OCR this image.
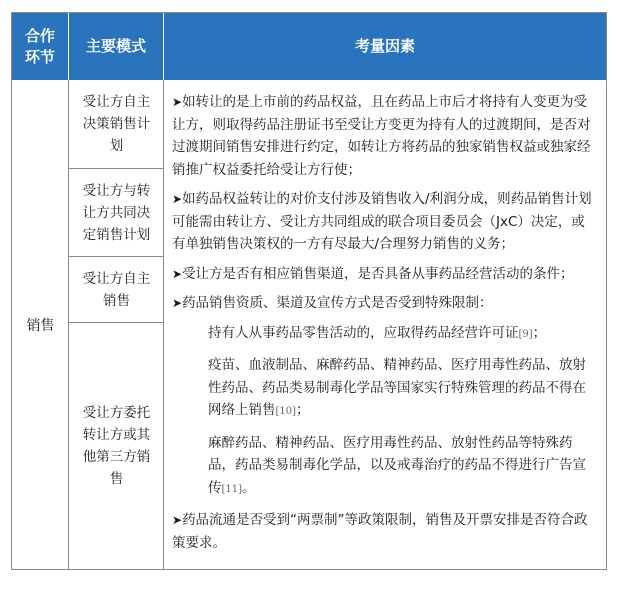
合作环节
主要模式	考量因素
销售
受让方自主决策销售计划
受让方与转让方共同决定销售计划
受让方自主销售
受让方委托转让方或其他第三方销售
➤如转让的是上市前的药品权益，且在药品上市后才将持有人变更为受让方，则取得药品注册证书至受让方变更为持有人的过渡期间，是否对过渡期间销售安排进行约定，如转让方将药品的独家销售权益或独家经销推广权益委托给受让方行使；
➤如药品权益转让的对价支付涉及销售收入/利润分成，则药品销售计划可能需由转让方、受让方共同组成的联合项目委员会（JxC）决定，或有单独销售决策权的一方有尽最大/合理努力销售的义务；
➤受让方是否有相应销售渠道，是否具备从事药品经营活动的条件；
➤药品销售资质、渠道及宣传方式是否受到特殊限制：
持有人从事药品零售活动的，应取得药品经营许可证[9]；
疫苗、血液制品、麻醉药品、精神药品、医疗用毒性药品、放射性药品、药品类易制毒化学品等国家实行特殊管理的药品不得在网络上销售[10]；
麻醉药品、精神药品、医疗用毒性药品、放射性药品等特殊药品，药品类易制毒化学品，以及戒毒治疗的药品不得进行广告宣传[11]。
➤药品流通是否受到“两票制”等政策限制，销售及开票安排是否符合政策要求。
